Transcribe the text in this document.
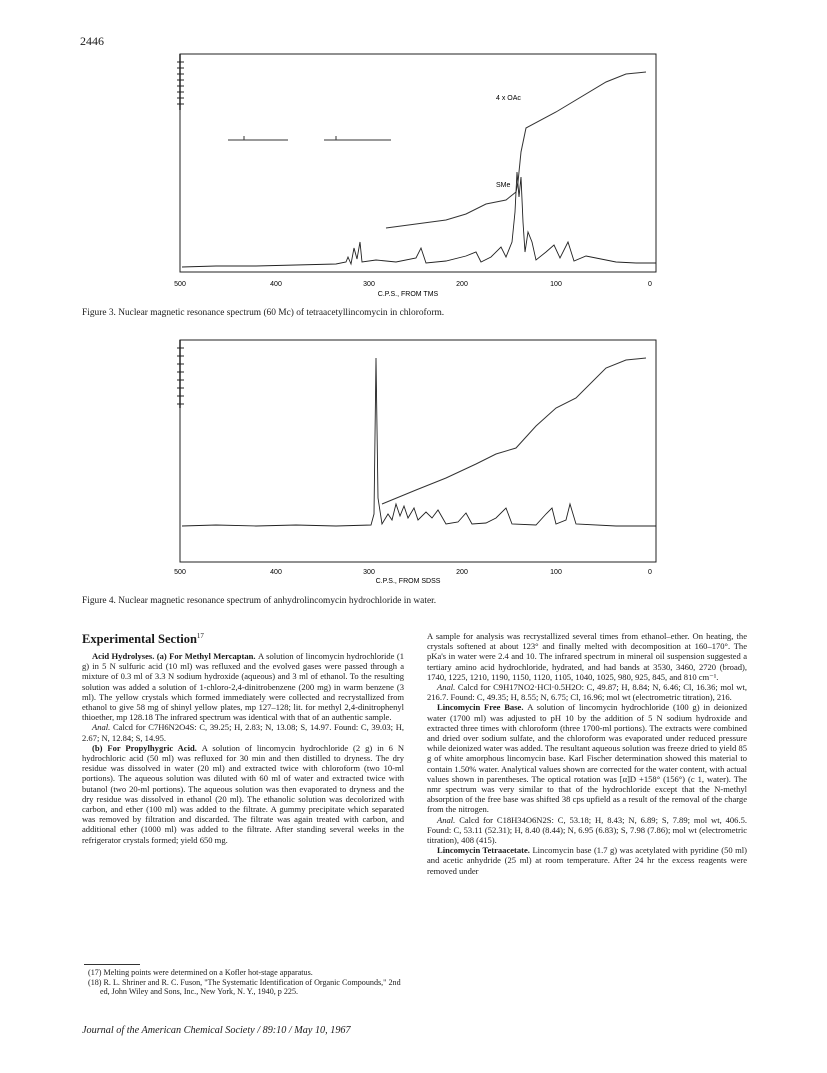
2446
4 x OAc
SMe
500	400	300	200	100	0
C.P.S., FROM TMS
Figure 3. Nuclear magnetic resonance spectrum (60 Mc) of tetraacetyllincomycin in chloroform.
500	400	300	200	100	0
C.P.S., FROM SDSS
Figure 4. Nuclear magnetic resonance spectrum of anhydrolincomycin hydrochloride in water.
Experimental Section$^{17}$

Acid Hydrolyses. (a) For Methyl Mercaptan. A solution of lincomycin hydrochloride (1 g) in 5 N sulfuric acid (10 ml) was refluxed and the evolved gases were passed through a mixture of 0.3 ml of 3.3 N sodium hydroxide (aqueous) and 3 ml of ethanol. To the resulting solution was added a solution of 1-chloro-2,4-dinitrobenzene (200 mg) in warm benzene (3 ml). The yellow crystals which formed immediately were collected and recrystallized from ethanol to give 58 mg of shinyl yellow plates, mp 127–128; lit. for methyl 2,4-dinitrophenyl thioether, mp 128.18 The infrared spectrum was identical with that of an authentic sample.

Anal. Calcd for C7H6N2O4S: C, 39.25; H, 2.83; N, 13.08; S, 14.97. Found: C, 39.03; H, 2.67; N, 12.84; S, 14.95.

(b) For Propylhygric Acid. A solution of lincomycin hydrochloride (2 g) in 6 N hydrochloric acid (50 ml) was refluxed for 30 min and then distilled to dryness. The dry residue was dissolved in water (20 ml) and extracted twice with chloroform (two 10-ml portions). The aqueous solution was diluted with 60 ml of water and extracted twice with butanol (two 20-ml portions). The aqueous solution was then evaporated to dryness and the dry residue was dissolved in ethanol (20 ml). The ethanolic solution was decolorized with carbon, and ether (100 ml) was added to the filtrate. A gummy precipitate which separated was removed by filtration and discarded. The filtrate was again treated with carbon, and additional ether (1000 ml) was added to the filtrate. After standing several weeks in the refrigerator crystals formed; yield 650 mg.

A sample for analysis was recrystallized several times from ethanol–ether. On heating, the crystals softened at about 123° and finally melted with decomposition at 160–170°. The pKa's in water were 2.4 and 10. The infrared spectrum in mineral oil suspension suggested a tertiary amino acid hydrochloride, hydrated, and had bands at 3530, 3460, 2720 (broad), 1740, 1225, 1210, 1190, 1150, 1120, 1105, 1040, 1025, 980, 925, 845, and 810 cm⁻¹.

Anal. Calcd for C9H17NO2·HCl·0.5H2O: C, 49.87; H, 8.84; N, 6.46; Cl, 16.36; mol wt, 216.7. Found: C, 49.35; H, 8.55; N, 6.75; Cl, 16.96; mol wt (electrometric titration), 216.

Lincomycin Free Base. A solution of lincomycin hydrochloride (100 g) in deionized water (1700 ml) was adjusted to pH 10 by the addition of 5 N sodium hydroxide and extracted three times with chloroform (three 1700-ml portions). The extracts were combined and dried over sodium sulfate, and the chloroform was evaporated under reduced pressure while deionized water was added. The resultant aqueous solution was freeze dried to yield 85 g of white amorphous lincomycin base. Karl Fischer determination showed this material to contain 1.50% water. Analytical values shown are corrected for the water content, with actual values shown in parentheses. The optical rotation was [α]D +158° (156°) (c 1, water). The nmr spectrum was very similar to that of the hydrochloride except that the N-methyl absorption of the free base was shifted 38 cps upfield as a result of the removal of the charge from the nitrogen.

Anal. Calcd for C18H34O6N2S: C, 53.18; H, 8.43; N, 6.89; S, 7.89; mol wt, 406.5. Found: C, 53.11 (52.31); H, 8.40 (8.44); N, 6.95 (6.83); S, 7.98 (7.86); mol wt (electrometric titration), 408 (415).

Lincomycin Tetraacetate. Lincomycin base (1.7 g) was acetylated with pyridine (50 ml) and acetic anhydride (25 ml) at room temperature. After 24 hr the excess reagents were removed under

(17) Melting points were determined on a Kofler hot-stage apparatus.

(18) R. L. Shriner and R. C. Fuson, "The Systematic Identification of Organic Compounds," 2nd ed, John Wiley and Sons, Inc., New York, N. Y., 1940, p 225.

Journal of the American Chemical Society / 89:10 / May 10, 1967
